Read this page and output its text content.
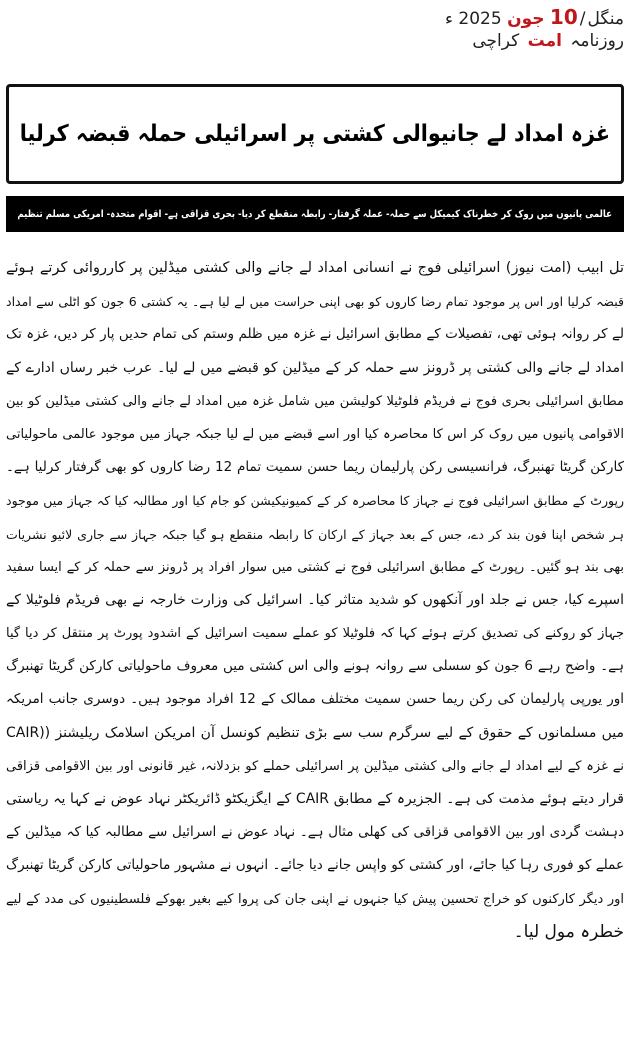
منگل/10 جون 2025 ء
روزنامہ امت کراچی
غزہ امداد لے جانیوالی کشتی پر اسرائیلی حملہ قبضہ کرلیا
عالمی پانیوں میں روک کر خطرناک کیمیکل سے حملہ- عملہ گرفتار- رابطہ منقطع کر دیا- بحری قزاقی ہے- اقوام متحدہ- امریکی مسلم تنظیم
تل ابیب (امت نیوز) اسرائیلی فوج نے انسانی امداد لے جانے والی کشتی میڈلین پر کارروائی کرتے ہوئے
قبضہ کرلیا اور اس پر موجود تمام رضا کاروں کو بھی اپنی حراست میں لے لیا ہے۔ یہ کشتی 6 جون کو اٹلی سے امداد
لے کر روانہ ہوئی تھی، تفصیلات کے مطابق اسرائیل نے غزہ میں ظلم وستم کی تمام حدیں پار کر دیں، غزہ تک
امداد لے جانے والی کشتی پر ڈرونز سے حملہ کر کے میڈلین کو قبضے میں لے لیا۔ عرب خبر رساں ادارے کے
مطابق اسرائیلی بحری فوج نے فریڈم فلوٹیلا کولیشن میں شامل غزہ میں امداد لے جانے والی کشتی میڈلین کو بین
الاقوامی پانیوں میں روک کر اس کا محاصرہ کیا اور اسے قبضے میں لے لیا جبکہ جہاز میں موجود عالمی ماحولیاتی
کارکن گریٹا تھنبرگ، فرانسیسی رکن پارلیمان ریما حسن سمیت تمام 12 رضا کاروں کو بھی گرفتار کرلیا ہے۔
رپورٹ کے مطابق اسرائیلی فوج نے جہاز کا محاصرہ کر کے کمیونیکیشن کو جام کیا اور مطالبہ کیا کہ جہاز میں موجود
ہر شخص اپنا فون بند کر دے، جس کے بعد جہاز کے ارکان کا رابطہ منقطع ہو گیا جبکہ جہاز سے جاری لائیو نشریات
بھی بند ہو گئیں۔ رپورٹ کے مطابق اسرائیلی فوج نے کشتی میں سوار افراد پر ڈرونز سے حملہ کر کے ایسا سفید
اسپرے کیا، جس نے جلد اور آنکھوں کو شدید متاثر کیا۔ اسرائیل کی وزارت خارجہ نے بھی فریڈم فلوٹیلا کے
جہاز کو روکنے کی تصدیق کرتے ہوئے کہا کہ فلوٹیلا کو عملے سمیت اسرائیل کے اشدود پورٹ پر منتقل کر دیا گیا
ہے۔ واضح رہے 6 جون کو سسلی سے روانہ ہونے والی اس کشتی میں معروف ماحولیاتی کارکن گریٹا تھنبرگ
اور یورپی پارلیمان کی رکن ریما حسن سمیت مختلف ممالک کے 12 افراد موجود ہیں۔ دوسری جانب امریکہ
میں مسلمانوں کے حقوق کے لیے سرگرم سب سے بڑی تنظیم کونسل آن امریکن اسلامک ریلیشنز ((CAIR
نے غزہ کے لیے امداد لے جانے والی کشتی میڈلین پر اسرائیلی حملے کو بزدلانہ، غیر قانونی اور بین الاقوامی قزاقی
قرار دیتے ہوئے مذمت کی ہے۔ الجزیرہ کے مطابق CAIR کے ایگزیکٹو ڈائریکٹر نہاد عوض نے کہا یہ ریاستی
دہشت گردی اور بین الاقوامی قزاقی کی کھلی مثال ہے۔ نہاد عوض نے اسرائیل سے مطالبہ کیا کہ میڈلین کے
عملے کو فوری رہا کیا جائے، اور کشتی کو واپس جانے دیا جائے۔ انہوں نے مشہور ماحولیاتی کارکن گریٹا تھنبرگ
اور دیگر کارکنوں کو خراج تحسین پیش کیا جنہوں نے اپنی جان کی پروا کیے بغیر بھوکے فلسطینیوں کی مدد کے لیے
خطرہ مول لیا۔
